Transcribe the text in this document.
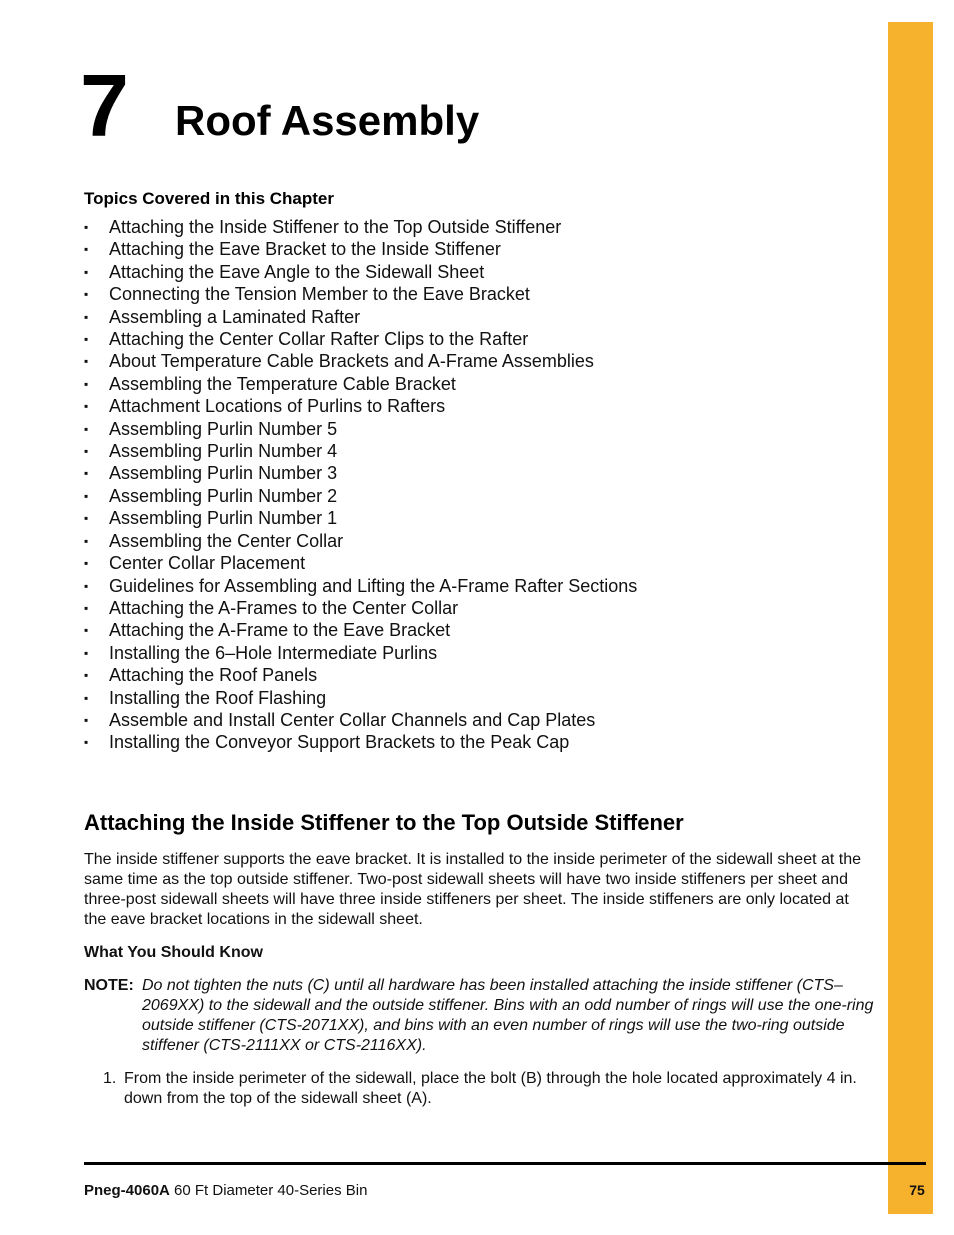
7 Roof Assembly
Topics Covered in this Chapter
▪ Attaching the Inside Stiffener to the Top Outside Stiffener
▪ Attaching the Eave Bracket to the Inside Stiffener
▪ Attaching the Eave Angle to the Sidewall Sheet
▪ Connecting the Tension Member to the Eave Bracket
▪ Assembling a Laminated Rafter
▪ Attaching the Center Collar Rafter Clips to the Rafter
▪ About Temperature Cable Brackets and A-Frame Assemblies
▪ Assembling the Temperature Cable Bracket
▪ Attachment Locations of Purlins to Rafters
▪ Assembling Purlin Number 5
▪ Assembling Purlin Number 4
▪ Assembling Purlin Number 3
▪ Assembling Purlin Number 2
▪ Assembling Purlin Number 1
▪ Assembling the Center Collar
▪ Center Collar Placement
▪ Guidelines for Assembling and Lifting the A-Frame Rafter Sections
▪ Attaching the A-Frames to the Center Collar
▪ Attaching the A-Frame to the Eave Bracket
▪ Installing the 6–Hole Intermediate Purlins
▪ Attaching the Roof Panels
▪ Installing the Roof Flashing
▪ Assemble and Install Center Collar Channels and Cap Plates
▪ Installing the Conveyor Support Brackets to the Peak Cap
Attaching the Inside Stiffener to the Top Outside Stiffener

The inside stiffener supports the eave bracket. It is installed to the inside perimeter of the sidewall sheet at the same time as the top outside stiffener. Two-post sidewall sheets will have two inside stiffeners per sheet and three-post sidewall sheets will have three inside stiffeners per sheet. The inside stiffeners are only located at the eave bracket locations in the sidewall sheet.

What You Should Know
NOTE: Do not tighten the nuts (C) until all hardware has been installed attaching the inside stiffener (CTS–2069XX) to the sidewall and the outside stiffener. Bins with an odd number of rings will use the one-ring outside stiffener (CTS-2071XX), and bins with an even number of rings will use the two-ring outside stiffener (CTS-2111XX or CTS-2116XX).
1. From the inside perimeter of the sidewall, place the bolt (B) through the hole located approximately 4 in. down from the top of the sidewall sheet (A).
Pneg-4060A 60 Ft Diameter 40-Series Bin	75
